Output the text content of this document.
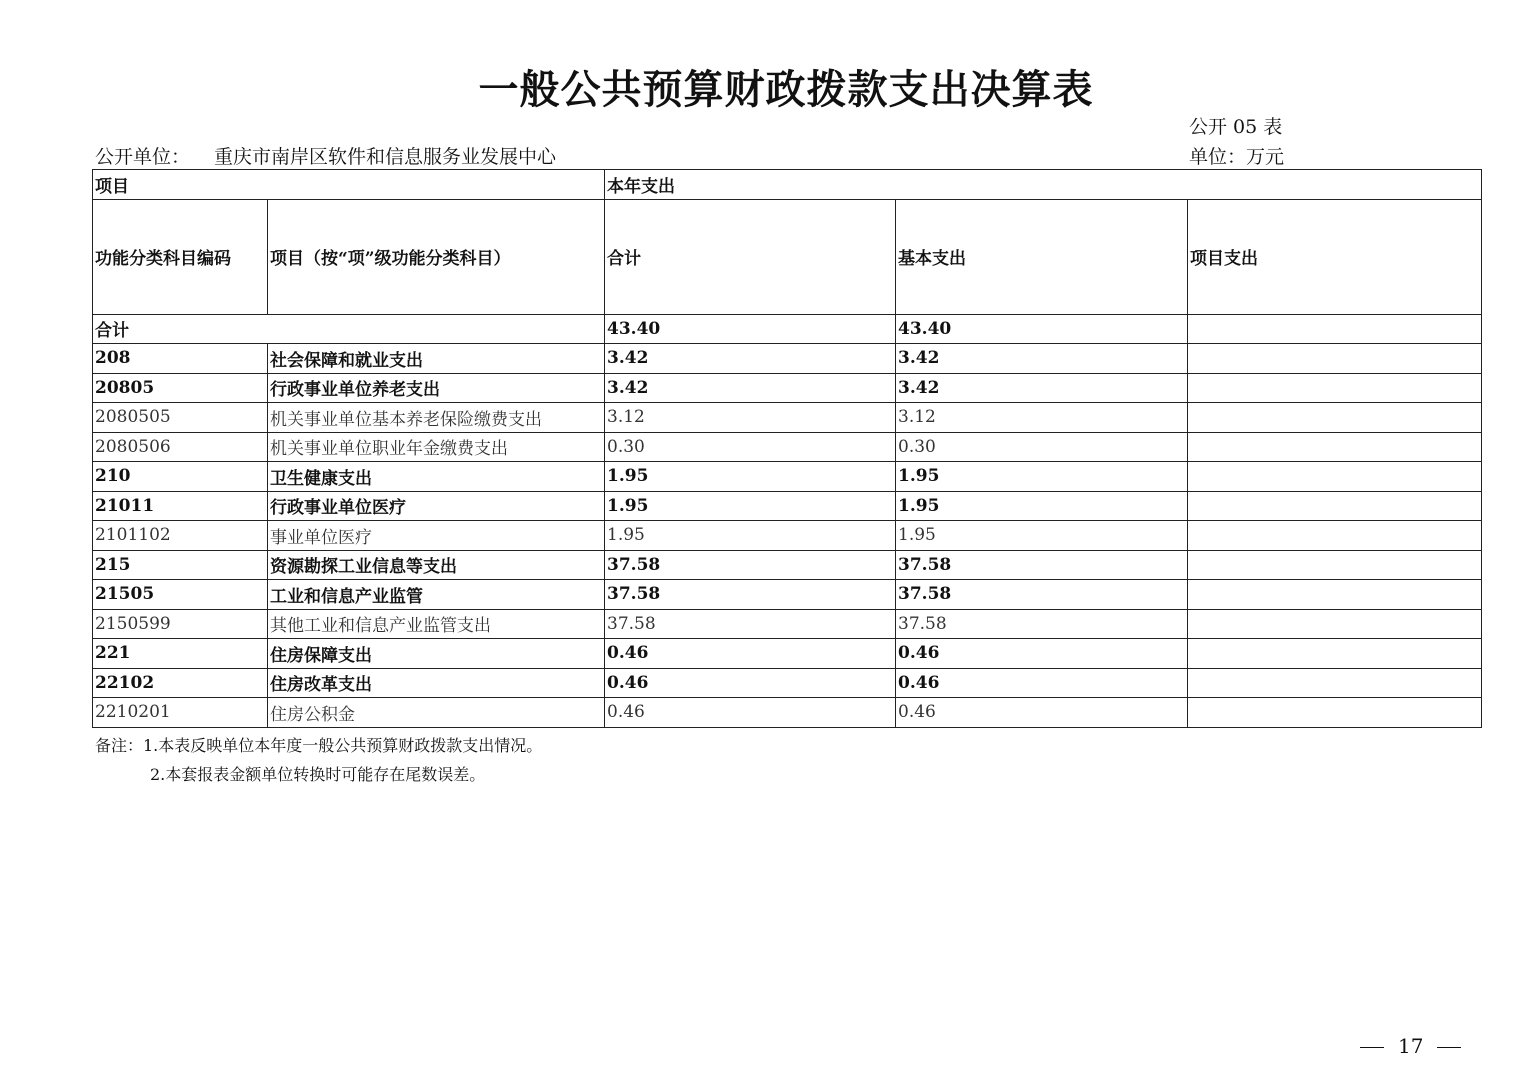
一般公共预算财政拨款支出决算表
公开 05 表
公开单位： 重庆市南岸区软件和信息服务业发展中心	单位：万元
项目		本年支出		
功能分类科目编码	项目（按“项”级功能分类科目）	合计	基本支出	项目支出
合计		43.40	43.40	
208	社会保障和就业支出	3.42	3.42	
20805	行政事业单位养老支出	3.42	3.42	
2080505	机关事业单位基本养老保险缴费支出	3.12	3.12	
2080506	机关事业单位职业年金缴费支出	0.30	0.30	
210	卫生健康支出	1.95	1.95	
21011	行政事业单位医疗	1.95	1.95	
2101102	事业单位医疗	1.95	1.95	
215	资源勘探工业信息等支出	37.58	37.58	
21505	工业和信息产业监管	37.58	37.58	
2150599	其他工业和信息产业监管支出	37.58	37.58	
221	住房保障支出	0.46	0.46	
22102	住房改革支出	0.46	0.46	
2210201	住房公积金	0.46	0.46	
备注：1.本表反映单位本年度一般公共预算财政拨款支出情况。
2.本套报表金额单位转换时可能存在尾数误差。
17
